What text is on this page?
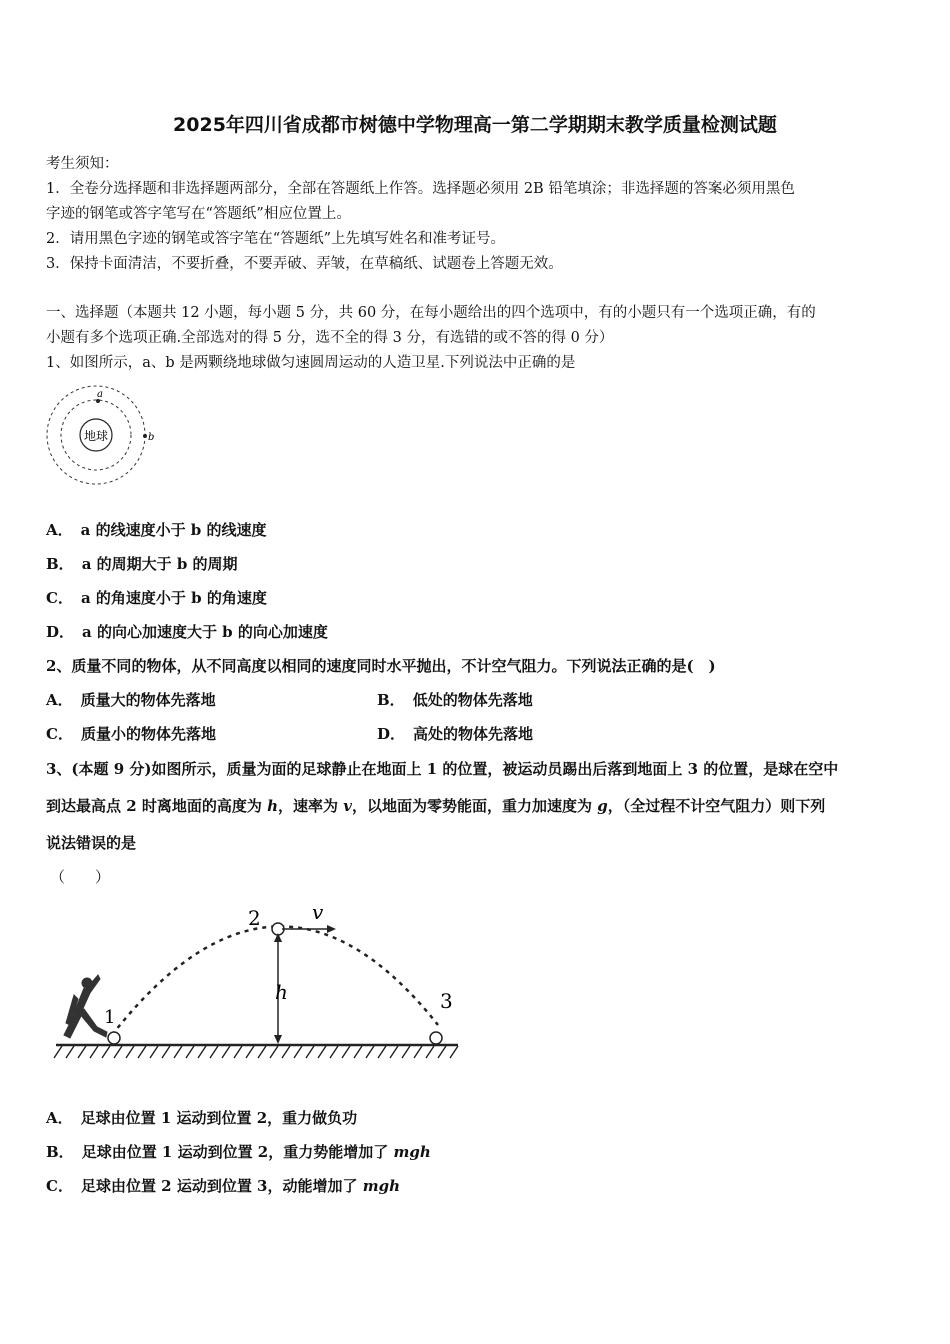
2025年四川省成都市树德中学物理高一第二学期期末教学质量检测试题
考生须知：
1．全卷分选择题和非选择题两部分，全部在答题纸上作答。选择题必须用 2B 铅笔填涂；非选择题的答案必须用黑色
字迹的钢笔或答字笔写在“答题纸”相应位置上。
2．请用黑色字迹的钢笔或答字笔在“答题纸”上先填写姓名和准考证号。
3．保持卡面清洁，不要折叠，不要弄破、弄皱，在草稿纸、试题卷上答题无效。
一、选择题（本题共 12 小题，每小题 5 分，共 60 分，在每小题给出的四个选项中，有的小题只有一个选项正确，有的
小题有多个选项正确.全部选对的得 5 分，选不全的得 3 分，有选错的或不答的得 0 分）
1、如图所示，a、b 是两颗绕地球做匀速圆周运动的人造卫星.下列说法中正确的是
地球
a
b
A． a 的线速度小于 b 的线速度
B． a 的周期大于 b 的周期
C． a 的角速度小于 b 的角速度
D． a 的向心加速度大于 b 的向心加速度
2、质量不同的物体，从不同高度以相同的速度同时水平抛出，不计空气阻力。下列说法正确的是(　)
A． 质量大的物体先落地	B． 低处的物体先落地
C． 质量小的物体先落地	D． 高处的物体先落地
3、(本题 9 分)如图所示，质量为面的足球静止在地面上 1 的位置，被运动员踢出后落到地面上 3 的位置，是球在空中
到达最高点 2 时离地面的高度为 h，速率为 v，以地面为零势能面，重力加速度为 g，（全过程不计空气阻力）则下列
说法错误的是
（　　）
1
2
3
h
v
A． 足球由位置 1 运动到位置 2，重力做负功
B． 足球由位置 1 运动到位置 2，重力势能增加了 mgh
C． 足球由位置 2 运动到位置 3，动能增加了 mgh
